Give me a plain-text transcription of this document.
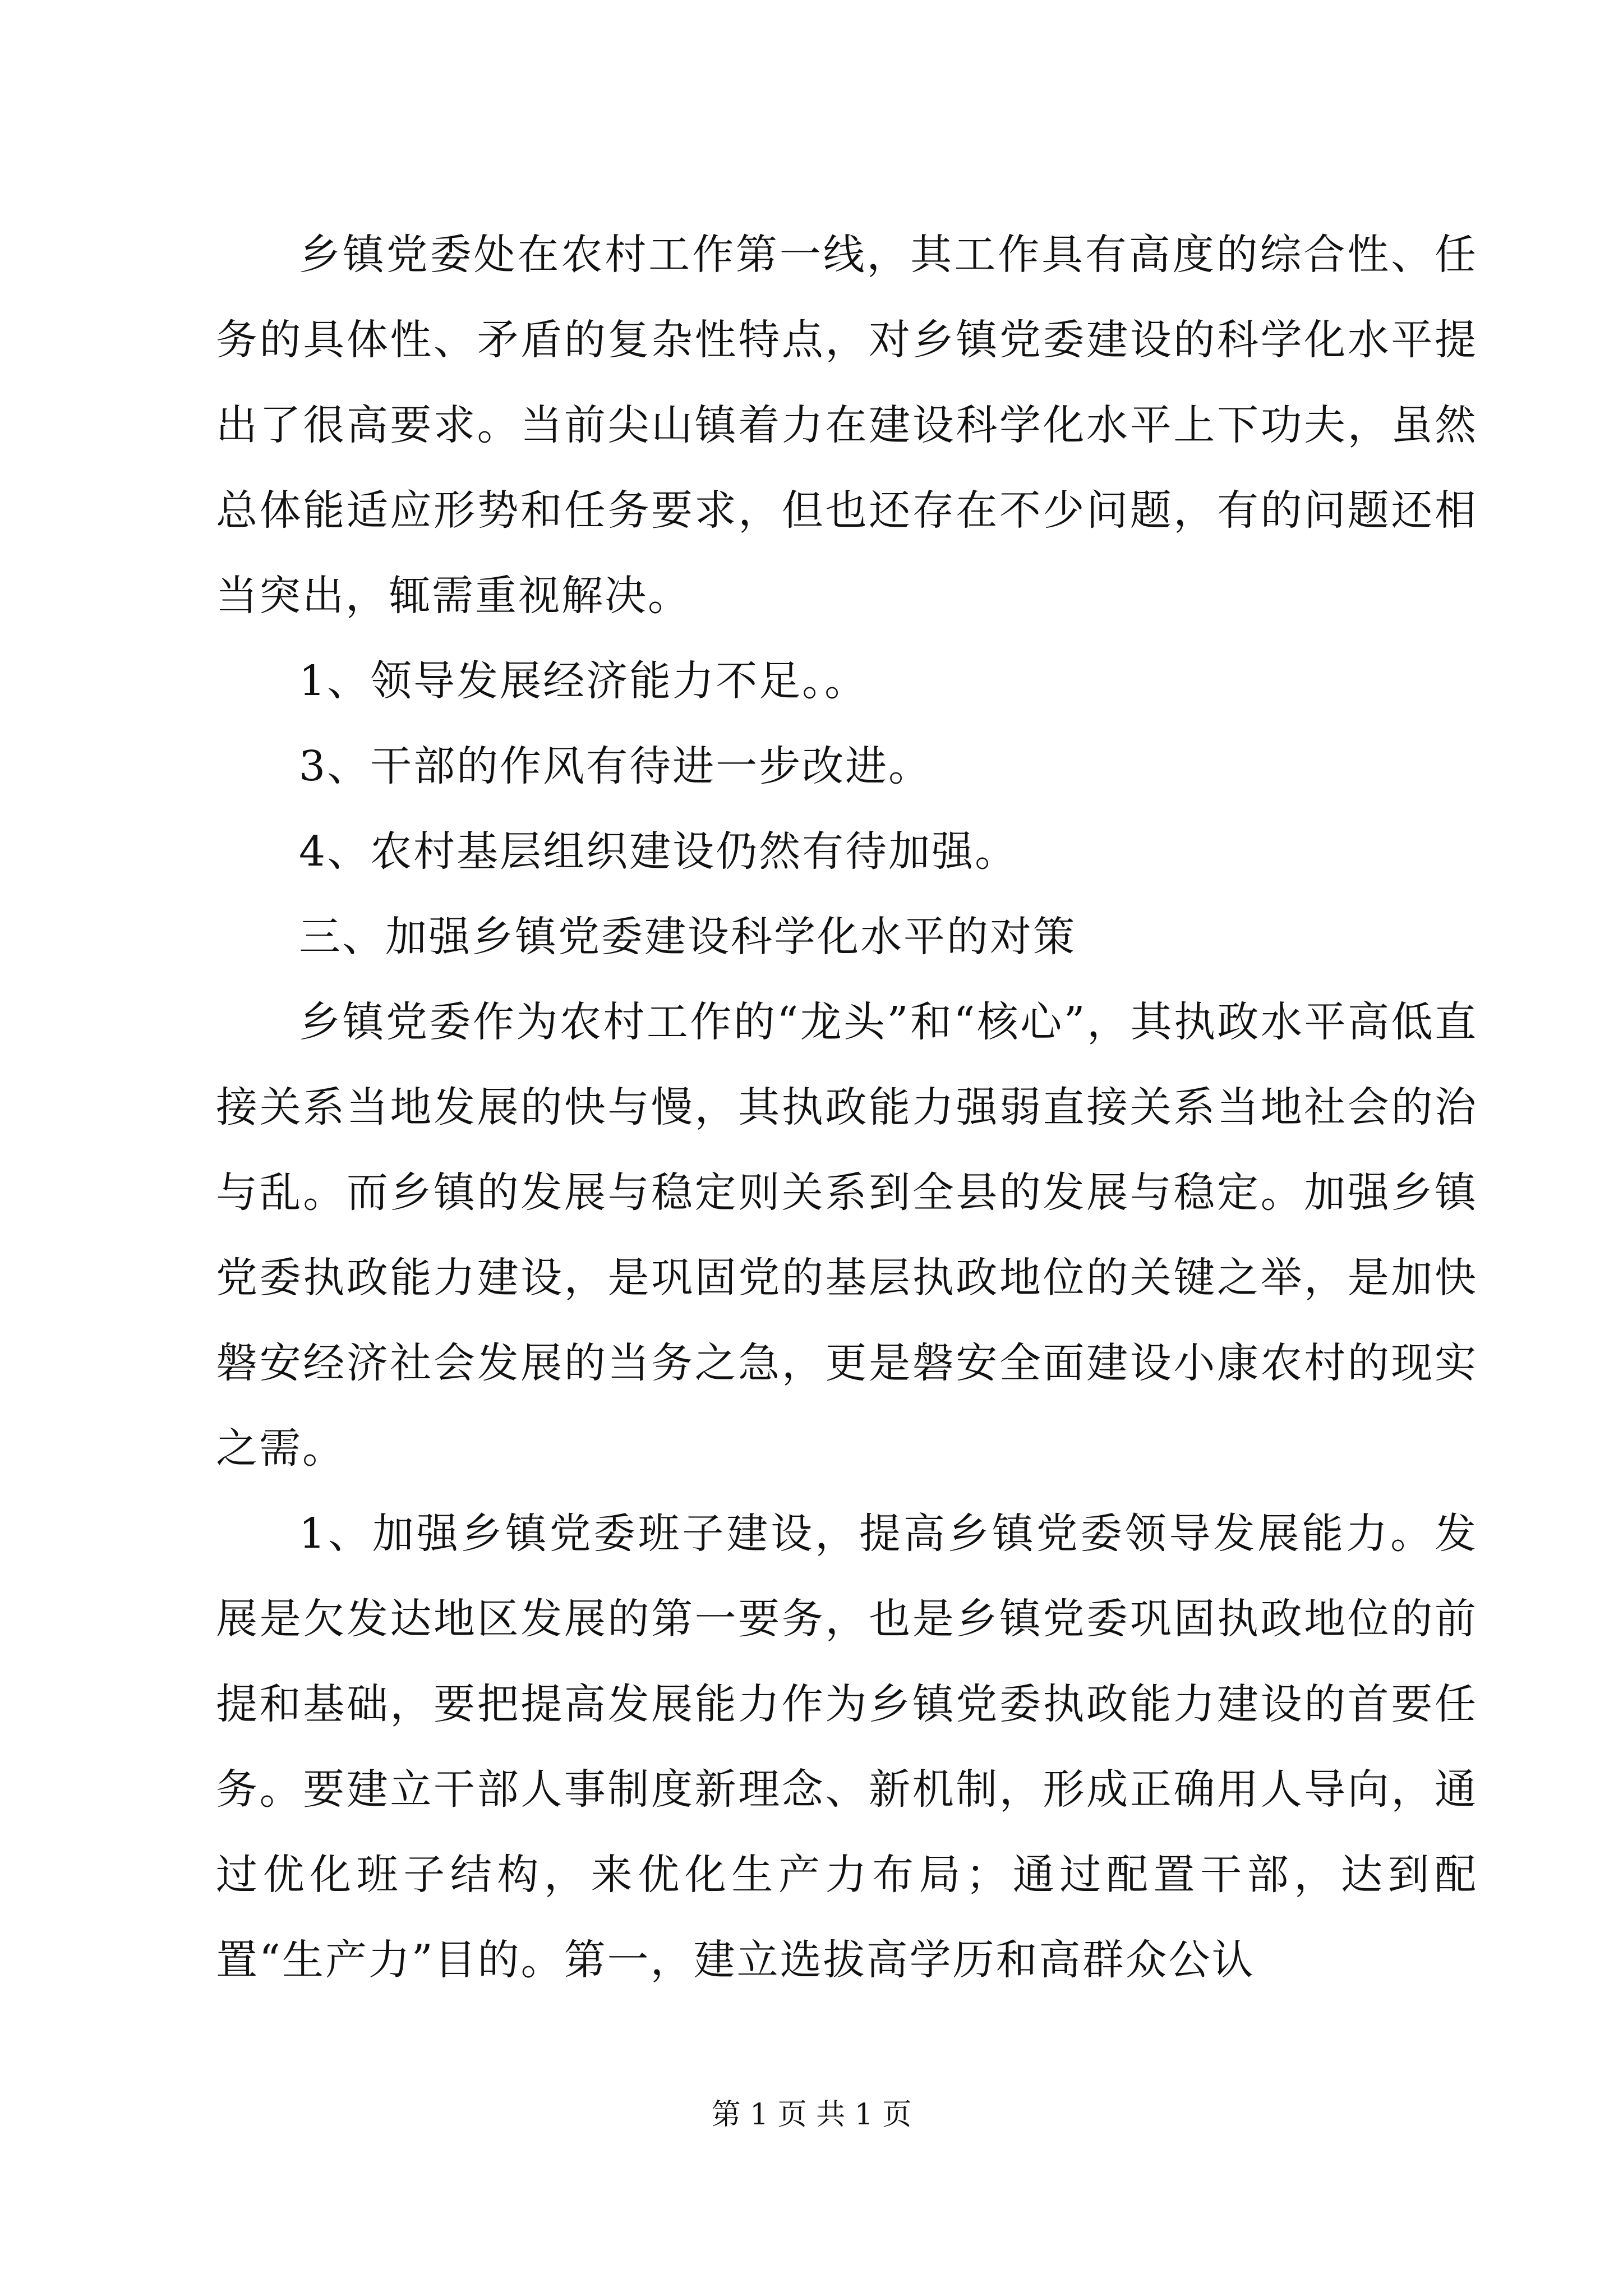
乡镇党委处在农村工作第一线，其工作具有高度的综合性、任务的具体性、矛盾的复杂性特点，对乡镇党委建设的科学化水平提出了很高要求。当前尖山镇着力在建设科学化水平上下功夫，虽然总体能适应形势和任务要求，但也还存在不少问题，有的问题还相当突出，辄需重视解决。

1、领导发展经济能力不足。。

3、干部的作风有待进一步改进。

4、农村基层组织建设仍然有待加强。

三、加强乡镇党委建设科学化水平的对策

乡镇党委作为农村工作的“龙头”和“核心”，其执政水平高低直接关系当地发展的快与慢，其执政能力强弱直接关系当地社会的治与乱。而乡镇的发展与稳定则关系到全县的发展与稳定。加强乡镇党委执政能力建设，是巩固党的基层执政地位的关键之举，是加快磐安经济社会发展的当务之急，更是磐安全面建设小康农村的现实之需。

1、加强乡镇党委班子建设，提高乡镇党委领导发展能力。发展是欠发达地区发展的第一要务，也是乡镇党委巩固执政地位的前提和基础，要把提高发展能力作为乡镇党委执政能力建设的首要任务。要建立干部人事制度新理念、新机制，形成正确用人导向，通过优化班子结构，来优化生产力布局；通过配置干部，达到配置“生产力”目的。第一，建立选拔高学历和高群众公认

第 1 页 共 1 页
